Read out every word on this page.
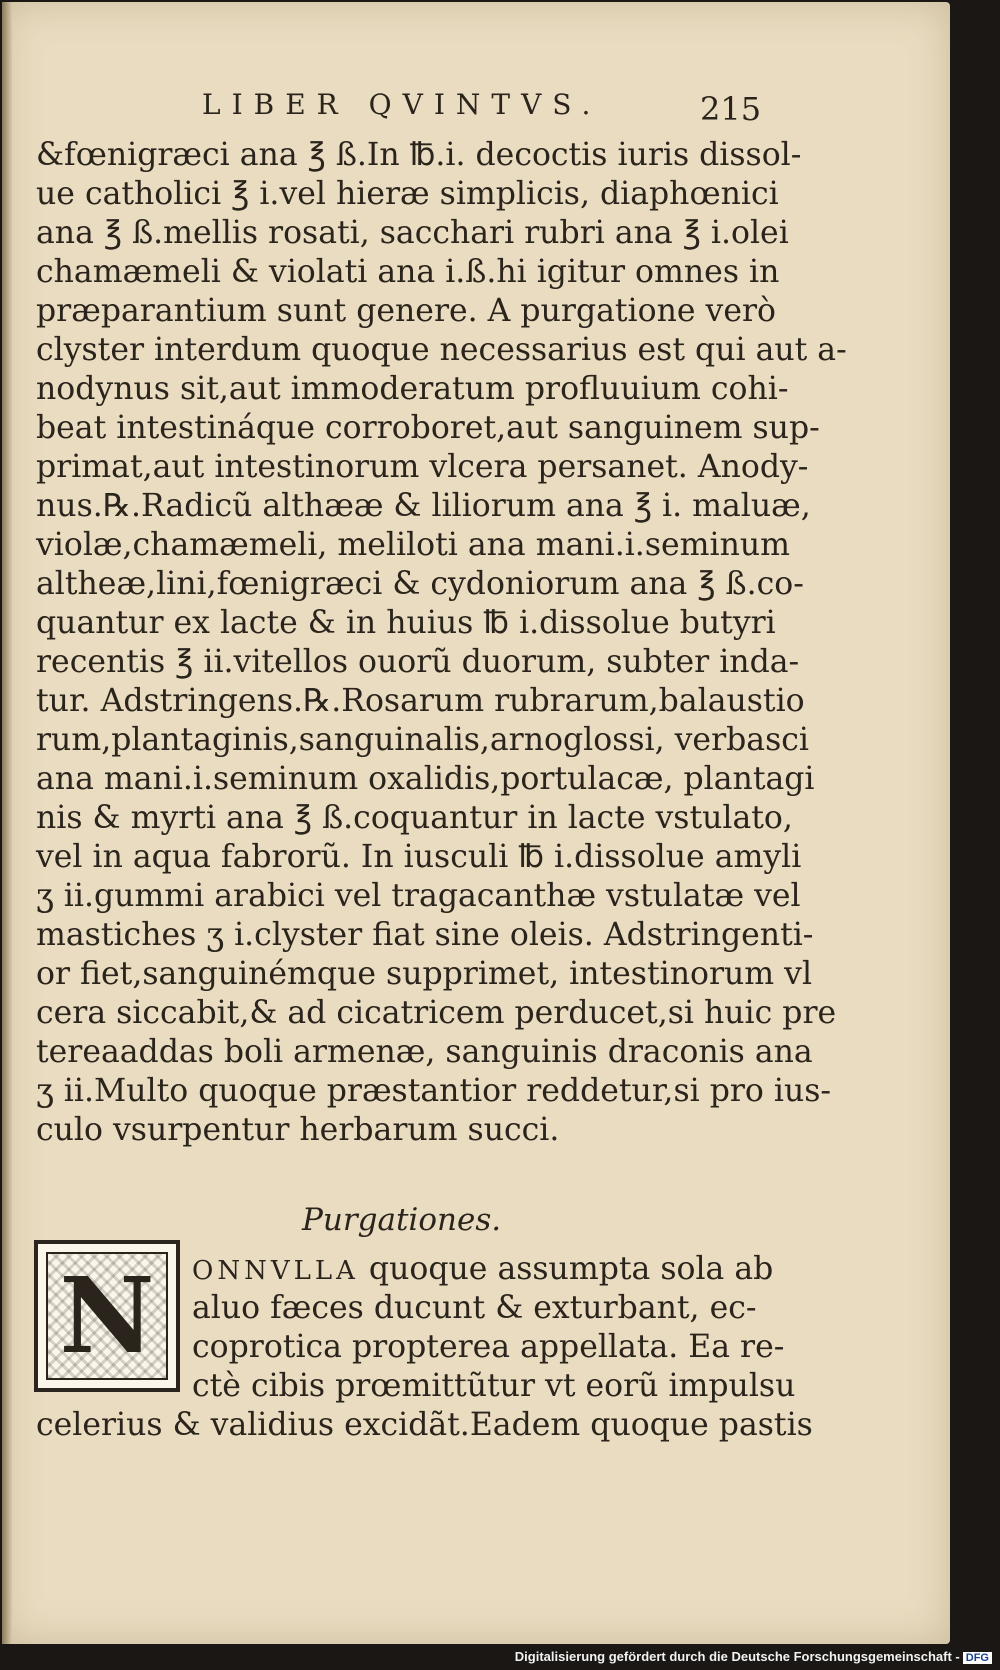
LIBER QVINTVS.	215
&fœnigræci ana ℥ ß.In ℔.i. decoctis iuris dissol-
ue catholici ℥ i.vel hieræ simplicis, diaphœnici
ana ℥ ß.mellis rosati, sacchari rubri ana ℥ i.olei
chamæmeli & violati ana i.ß.hi igitur omnes in
præparantium sunt genere. A purgatione verò
clyster interdum quoque necessarius est qui aut a-
nodynus sit,aut immoderatum profluuium cohi-
beat intestináque corroboret,aut sanguinem sup-
primat,aut intestinorum vlcera persanet. Anody-
nus.℞.Radicũ althææ & liliorum ana ℥ i. maluæ,
violæ,chamæmeli, meliloti ana mani.i.seminum
altheæ,lini,fœnigræci & cydoniorum ana ℥ ß.co-
quantur ex lacte & in huius ℔ i.dissolue butyri
recentis ℥ ii.vitellos ouorũ duorum, subter inda-
tur. Adstringens.℞.Rosarum rubrarum,balaustio
rum,plantaginis,sanguinalis,arnoglossi, verbasci
ana mani.i.seminum oxalidis,portulacæ, plantagi
nis & myrti ana ℥ ß.coquantur in lacte vstulato,
vel in aqua fabrorũ. In iusculi ℔ i.dissolue amyli
ʒ ii.gummi arabici vel tragacanthæ vstulatæ vel
mastiches ʒ i.clyster fiat sine oleis. Adstringenti-
or fiet,sanguinémque supprimet, intestinorum vl
cera siccabit,& ad cicatricem perducet,si huic pre
tereaaddas boli armenæ, sanguinis draconis ana
ʒ ii.Multo quoque præstantior reddetur,si pro ius-
culo vsurpentur herbarum succi.
Purgationes.
N ONNVLLA quoque assumpta sola ab
aluo fæces ducunt & exturbant, ec-
coprotica propterea appellata. Ea re-
ctè cibis prœmittũtur vt eorũ impulsu
celerius & validius excidãt.Eadem quoque pastis
Digitalisierung gefördert durch die Deutsche Forschungsgemeinschaft - DFG
